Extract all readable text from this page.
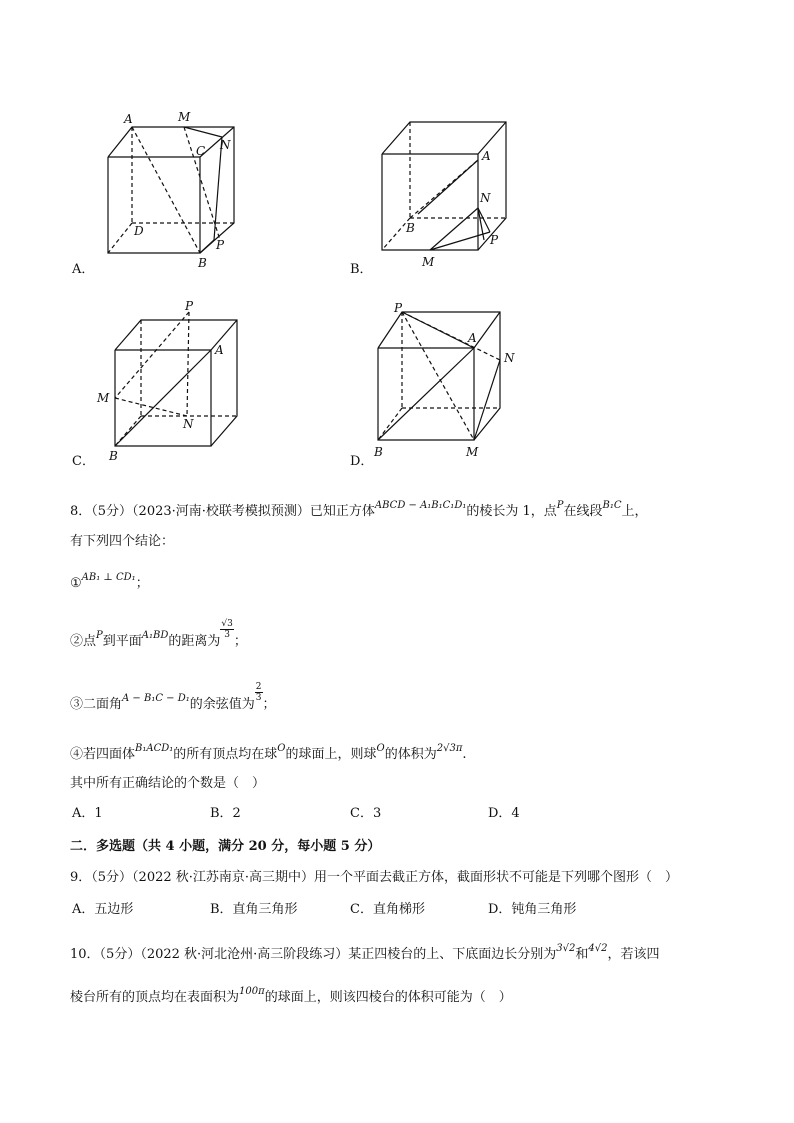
A	M
C N
D
B
P
A．
A
N
B
P
M
B．
P
A
M
N
B
C．
P
A
N
B	M
D．
8．（5分）（2023·河南·校联考模拟预测）已知正方体$^{ABCD - A_1B_1C_1D_1}$的棱长为 1，点$^P$在线段$^{B_1C}$上，
有下列四个结论：
①$^{AB_1 \perp CD_1}$；
②点$^P$到平面$^{A_1BD}$的距离为
$\frac{√3}{3}$
；
③二面角$^{A - B_1C - D_1}$的余弦值为
$\frac{2}{3}$
；
④若四面体$^{B_1ACD_1}$的所有顶点均在球$^O$的球面上，则球$^O$的体积为$^{2√3\pi}$.
其中所有正确结论的个数是（　）
A．1	B．2	C．3	D．4
二．多选题（共 4 小题，满分 20 分，每小题 5 分）
9．（5分）（2022 秋·江苏南京·高三期中）用一个平面去截正方体，截面形状不可能是下列哪个图形（　）
A．五边形	B．直角三角形	C．直角梯形	D．钝角三角形
10．（5分）（2022 秋·河北沧州·高三阶段练习）某正四棱台的上、下底面边长分别为$^{3√2}$和$^{4√2}$，若该四
棱台所有的顶点均在表面积为$^{100\pi}$的球面上，则该四棱台的体积可能为（　）
